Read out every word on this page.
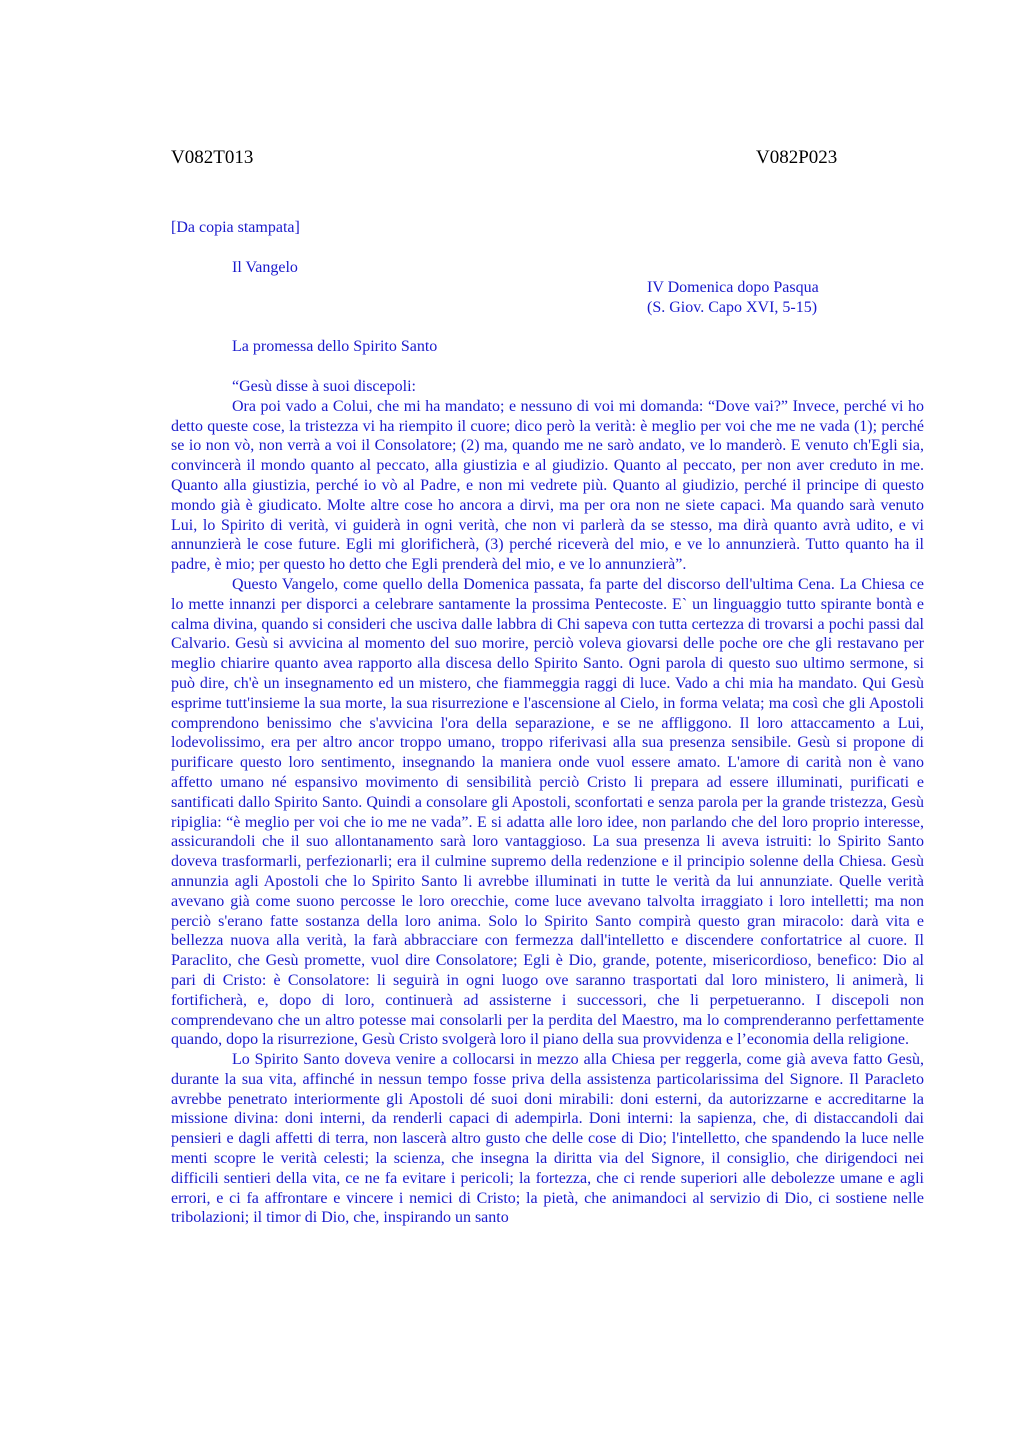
V082T013	V082P023
[Da copia stampata]
Il Vangelo
IV Domenica dopo Pasqua
(S. Giov. Capo XVI, 5-15)
La promessa dello Spirito Santo

“Gesù disse à suoi discepoli:

Ora poi vado a Colui, che mi ha mandato; e nessuno di voi mi domanda: “Dove vai?” Invece, perché vi ho detto queste cose, la tristezza vi ha riempito il cuore; dico però la verità: è meglio per voi che me ne vada (1); perché se io non vò, non verrà a voi il Consolatore; (2) ma, quando me ne sarò andato, ve lo manderò. E venuto ch'Egli sia, convincerà il mondo quanto al peccato, alla giustizia e al giudizio. Quanto al peccato, per non aver creduto in me. Quanto alla giustizia, perché io vò al Padre, e non mi vedrete più. Quanto al giudizio, perché il principe di questo mondo già è giudicato. Molte altre cose ho ancora a dirvi, ma per ora non ne siete capaci. Ma quando sarà venuto Lui, lo Spirito di verità, vi guiderà in ogni verità, che non vi parlerà da se stesso, ma dirà quanto avrà udito, e vi annunzierà le cose future. Egli mi glorificherà, (3) perché riceverà del mio, e ve lo annunzierà. Tutto quanto ha il padre, è mio; per questo ho detto che Egli prenderà del mio, e ve lo annunzierà”.

Questo Vangelo, come quello della Domenica passata, fa parte del discorso dell'ultima Cena. La Chiesa ce lo mette innanzi per disporci a celebrare santamente la prossima Pentecoste. E` un linguaggio tutto spirante bontà e calma divina, quando si consideri che usciva dalle labbra di Chi sapeva con tutta certezza di trovarsi a pochi passi dal Calvario. Gesù si avvicina al momento del suo morire, perciò voleva giovarsi delle poche ore che gli restavano per meglio chiarire quanto avea rapporto alla discesa dello Spirito Santo. Ogni parola di questo suo ultimo sermone, si può dire, ch'è un insegnamento ed un mistero, che fiammeggia raggi di luce. Vado a chi mia ha mandato. Qui Gesù esprime tutt'insieme la sua morte, la sua risurrezione e l'ascensione al Cielo, in forma velata; ma così che gli Apostoli comprendono benissimo che s'avvicina l'ora della separazione, e se ne affliggono. Il loro attaccamento a Lui, lodevolissimo, era per altro ancor troppo umano, troppo riferivasi alla sua presenza sensibile. Gesù si propone di purificare questo loro sentimento, insegnando la maniera onde vuol essere amato. L'amore di carità non è vano affetto umano né espansivo movimento di sensibilità perciò Cristo li prepara ad essere illuminati, purificati e santificati dallo Spirito Santo. Quindi a consolare gli Apostoli, sconfortati e senza parola per la grande tristezza, Gesù ripiglia: “è meglio per voi che io me ne vada”. E si adatta alle loro idee, non parlando che del loro proprio interesse, assicurandoli che il suo allontanamento sarà loro vantaggioso. La sua presenza li aveva istruiti: lo Spirito Santo doveva trasformarli, perfezionarli; era il culmine supremo della redenzione e il principio solenne della Chiesa. Gesù annunzia agli Apostoli che lo Spirito Santo li avrebbe illuminati in tutte le verità da lui annunziate. Quelle verità avevano già come suono percosse le loro orecchie, come luce avevano talvolta irraggiato i loro intelletti; ma non perciò s'erano fatte sostanza della loro anima. Solo lo Spirito Santo compirà questo gran miracolo: darà vita e bellezza nuova alla verità, la farà abbracciare con fermezza dall'intelletto e discendere confortatrice al cuore. Il Paraclito, che Gesù promette, vuol dire Consolatore; Egli è Dio, grande, potente, misericordioso, benefico: Dio al pari di Cristo: è Consolatore: li seguirà in ogni luogo ove saranno trasportati dal loro ministero, li animerà, li fortificherà, e, dopo di loro, continuerà ad assisterne i successori, che li perpetueranno. I discepoli non comprendevano che un altro potesse mai consolarli per la perdita del Maestro, ma lo comprenderanno perfettamente quando, dopo la risurrezione, Gesù Cristo svolgerà loro il piano della sua provvidenza e l’economia della religione.

Lo Spirito Santo doveva venire a collocarsi in mezzo alla Chiesa per reggerla, come già aveva fatto Gesù, durante la sua vita, affinché in nessun tempo fosse priva della assistenza particolarissima del Signore. Il Paracleto avrebbe penetrato interiormente gli Apostoli dé suoi doni mirabili: doni esterni, da autorizzarne e accreditarne la missione divina: doni interni, da renderli capaci di adempirla. Doni interni: la sapienza, che, di distaccandoli dai pensieri e dagli affetti di terra, non lascerà altro gusto che delle cose di Dio; l'intelletto, che spandendo la luce nelle menti scopre le verità celesti; la scienza, che insegna la diritta via del Signore, il consiglio, che dirigendoci nei difficili sentieri della vita, ce ne fa evitare i pericoli; la fortezza, che ci rende superiori alle debolezze umane e agli errori, e ci fa affrontare e vincere i nemici di Cristo; la pietà, che animandoci al servizio di Dio, ci sostiene nelle tribolazioni; il timor di Dio, che, inspirando un santo
